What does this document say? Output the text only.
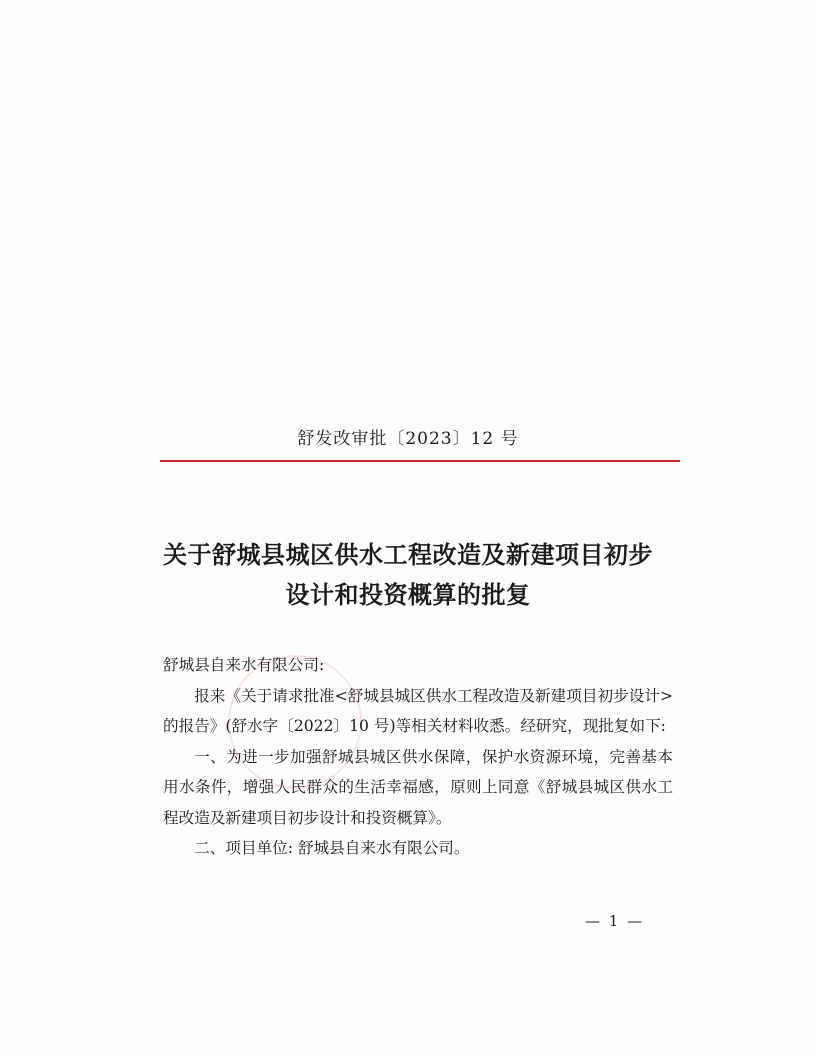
舒发改审批〔2023〕12 号
关于舒城县城区供水工程改造及新建项目初步
设计和投资概算的批复

舒城县自来水有限公司:

报来《关于请求批准<舒城县城区供水工程改造及新建项目初步设计>的报告》(舒水字〔2022〕10 号)等相关材料收悉。经研究，现批复如下:

一、为进一步加强舒城县城区供水保障，保护水资源环境，完善基本用水条件，增强人民群众的生活幸福感，原则上同意《舒城县城区供水工程改造及新建项目初步设计和投资概算》。

二、项目单位: 舒城县自来水有限公司。

— 1 —
